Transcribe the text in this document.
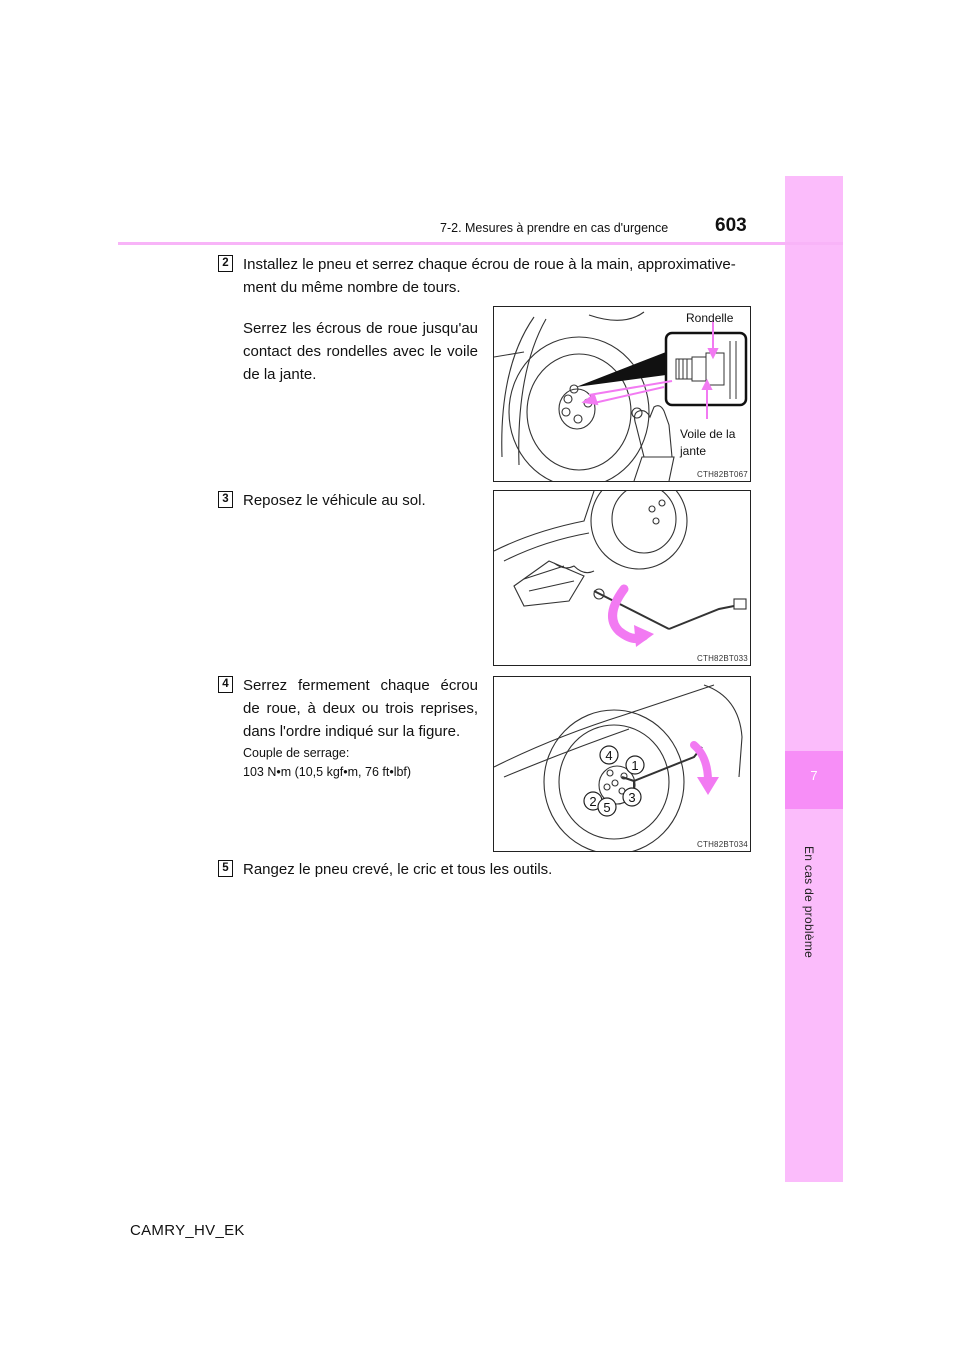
7
En cas de problème
7-2. Mesures à prendre en cas d'urgence 603
2 Installez le pneu et serrez chaque écrou de roue à la main, approximative-ment du même nombre de tours.
Serrez les écrous de roue jusqu'au
contact des rondelles avec le voile
de la jante.
Rondelle
Voile de la jante
CTH82BT067
3 Reposez le véhicule au sol.
CTH82BT033
4 Serrez fermement chaque écrou
de roue, à deux ou trois reprises,
dans l'ordre indiqué sur la figure.
Couple de serrage:
103 N•m (10,5 kgf•m, 76 ft•lbf)
4
1
2 3
5
CTH82BT034
5 Rangez le pneu crevé, le cric et tous les outils.
CAMRY_HV_EK
